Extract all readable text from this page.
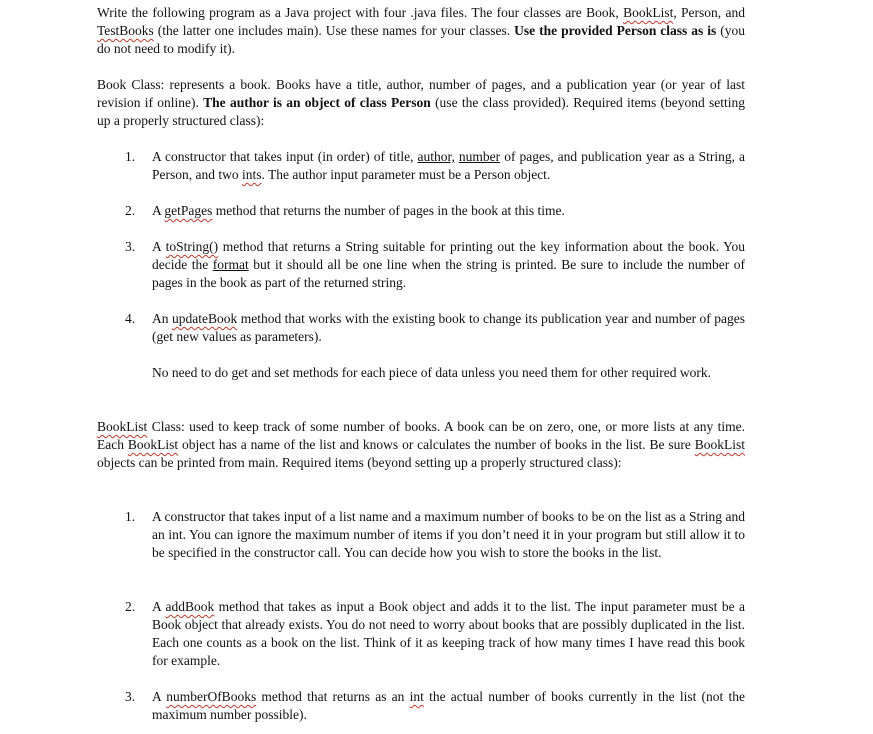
Write the following program as a Java project with four .java files. The four classes are Book, BookList, Person, and TestBooks (the latter one includes main). Use these names for your classes. Use the provided Person class as is (you do not need to modify it).
Book Class: represents a book. Books have a title, author, number of pages, and a publication year (or year of last revision if online). The author is an object of class Person (use the class provided). Required items (beyond setting up a properly structured class):
1.	A constructor that takes input (in order) of title, author, number of pages, and publication year as a String, a Person, and two ints. The author input parameter must be a Person object.
2.	A getPages method that returns the number of pages in the book at this time.
3.	A toString() method that returns a String suitable for printing out the key information about the book. You decide the format but it should all be one line when the string is printed. Be sure to include the number of pages in the book as part of the returned string.
4.	An updateBook method that works with the existing book to change its publication year and number of pages (get new values as parameters).
No need to do get and set methods for each piece of data unless you need them for other required work.
BookList Class: used to keep track of some number of books. A book can be on zero, one, or more lists at any time. Each BookList object has a name of the list and knows or calculates the number of books in the list. Be sure BookList objects can be printed from main. Required items (beyond setting up a properly structured class):
1.	A constructor that takes input of a list name and a maximum number of books to be on the list as a String and an int. You can ignore the maximum number of items if you don’t need it in your program but still allow it to be specified in the constructor call. You can decide how you wish to store the books in the list.
2.	A addBook method that takes as input a Book object and adds it to the list. The input parameter must be a Book object that already exists. You do not need to worry about books that are possibly duplicated in the list. Each one counts as a book on the list. Think of it as keeping track of how many times I have read this book for example.
3.	A numberOfBooks method that returns as an int the actual number of books currently in the list (not the maximum number possible).
